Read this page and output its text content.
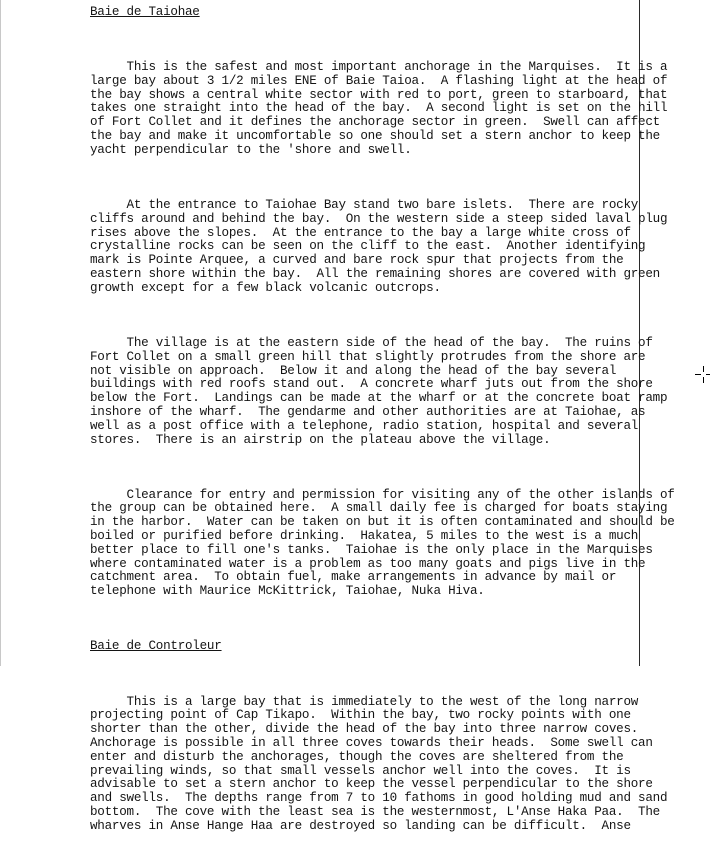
Baie de Taiohae

This is the safest and most important anchorage in the Marquises.  It is a
large bay about 3 1/2 miles ENE of Baie Taioa.  A flashing light at the head of
the bay shows a central white sector with red to port, green to starboard, that
takes one straight into the head of the bay.  A second light is set on the hill
of Fort Collet and it defines the anchorage sector in green.  Swell can affect
the bay and make it uncomfortable so one should set a stern anchor to keep the
yacht perpendicular to the 'shore and swell.

At the entrance to Taiohae Bay stand two bare islets.  There are rocky
cliffs around and behind the bay.  On the western side a steep sided laval plug
rises above the slopes.  At the entrance to the bay a large white cross of
crystalline rocks can be seen on the cliff to the east.  Another identifying
mark is Pointe Arquee, a curved and bare rock spur that projects from the
eastern shore within the bay.  All the remaining shores are covered with green
growth except for a few black volcanic outcrops.

The village is at the eastern side of the head of the bay.  The ruins of
Fort Collet on a small green hill that slightly protrudes from the shore are
not visible on approach.  Below it and along the head of the bay several
buildings with red roofs stand out.  A concrete wharf juts out from the shore
below the Fort.  Landings can be made at the wharf or at the concrete boat ramp
inshore of the wharf.  The gendarme and other authorities are at Taiohae, as
well as a post office with a telephone, radio station, hospital and several
stores.  There is an airstrip on the plateau above the village.

Clearance for entry and permission for visiting any of the other islands of
the group can be obtained here.  A small daily fee is charged for boats staying
in the harbor.  Water can be taken on but it is often contaminated and should be
boiled or purified before drinking.  Hakatea, 5 miles to the west is a much
better place to fill one's tanks.  Taiohae is the only place in the Marquises
where contaminated water is a problem as too many goats and pigs live in the
catchment area.  To obtain fuel, make arrangements in advance by mail or
telephone with Maurice McKittrick, Taiohae, Nuka Hiva.

Baie de Controleur

This is a large bay that is immediately to the west of the long narrow
projecting point of Cap Tikapo.  Within the bay, two rocky points with one
shorter than the other, divide the head of the bay into three narrow coves.
Anchorage is possible in all three coves towards their heads.  Some swell can
enter and disturb the anchorages, though the coves are sheltered from the
prevailing winds, so that small vessels anchor well into the coves.  It is
advisable to set a stern anchor to keep the vessel perpendicular to the shore
and swells.  The depths range from 7 to 10 fathoms in good holding mud and sand
bottom.  The cove with the least sea is the westernmost, L'Anse Haka Paa.  The
wharves in Anse Hange Haa are destroyed so landing can be difficult.  Anse
